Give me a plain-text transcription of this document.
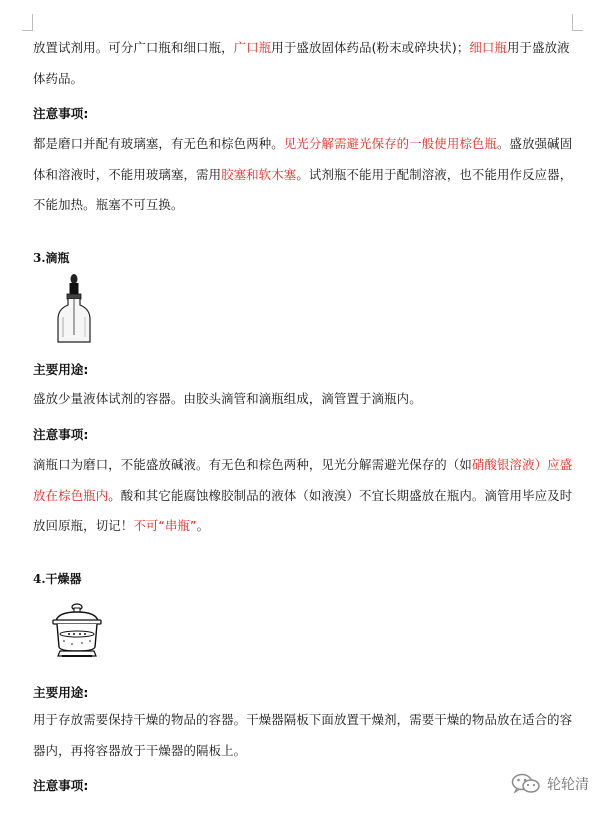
放置试剂用。可分广口瓶和细口瓶，广口瓶用于盛放固体药品(粉末或碎块状)；细口瓶用于盛放液体药品。

注意事项:

都是磨口并配有玻璃塞，有无色和棕色两种。见光分解需避光保存的一般使用棕色瓶。盛放强碱固体和溶液时，不能用玻璃塞，需用胶塞和软木塞。试剂瓶不能用于配制溶液，也不能用作反应器，不能加热。瓶塞不可互换。

3.滴瓶

主要用途:

盛放少量液体试剂的容器。由胶头滴管和滴瓶组成，滴管置于滴瓶内。

注意事项:

滴瓶口为磨口，不能盛放碱液。有无色和棕色两种，见光分解需避光保存的（如硝酸银溶液）应盛放在棕色瓶内。酸和其它能腐蚀橡胶制品的液体（如液溴）不宜长期盛放在瓶内。滴管用毕应及时放回原瓶，切记！不可“串瓶”。

4.干燥器

主要用途:

用于存放需要保持干燥的物品的容器。干燥器隔板下面放置干燥剂，需要干燥的物品放在适合的容器内，再将容器放于干燥器的隔板上。

注意事项:	轮轮清
